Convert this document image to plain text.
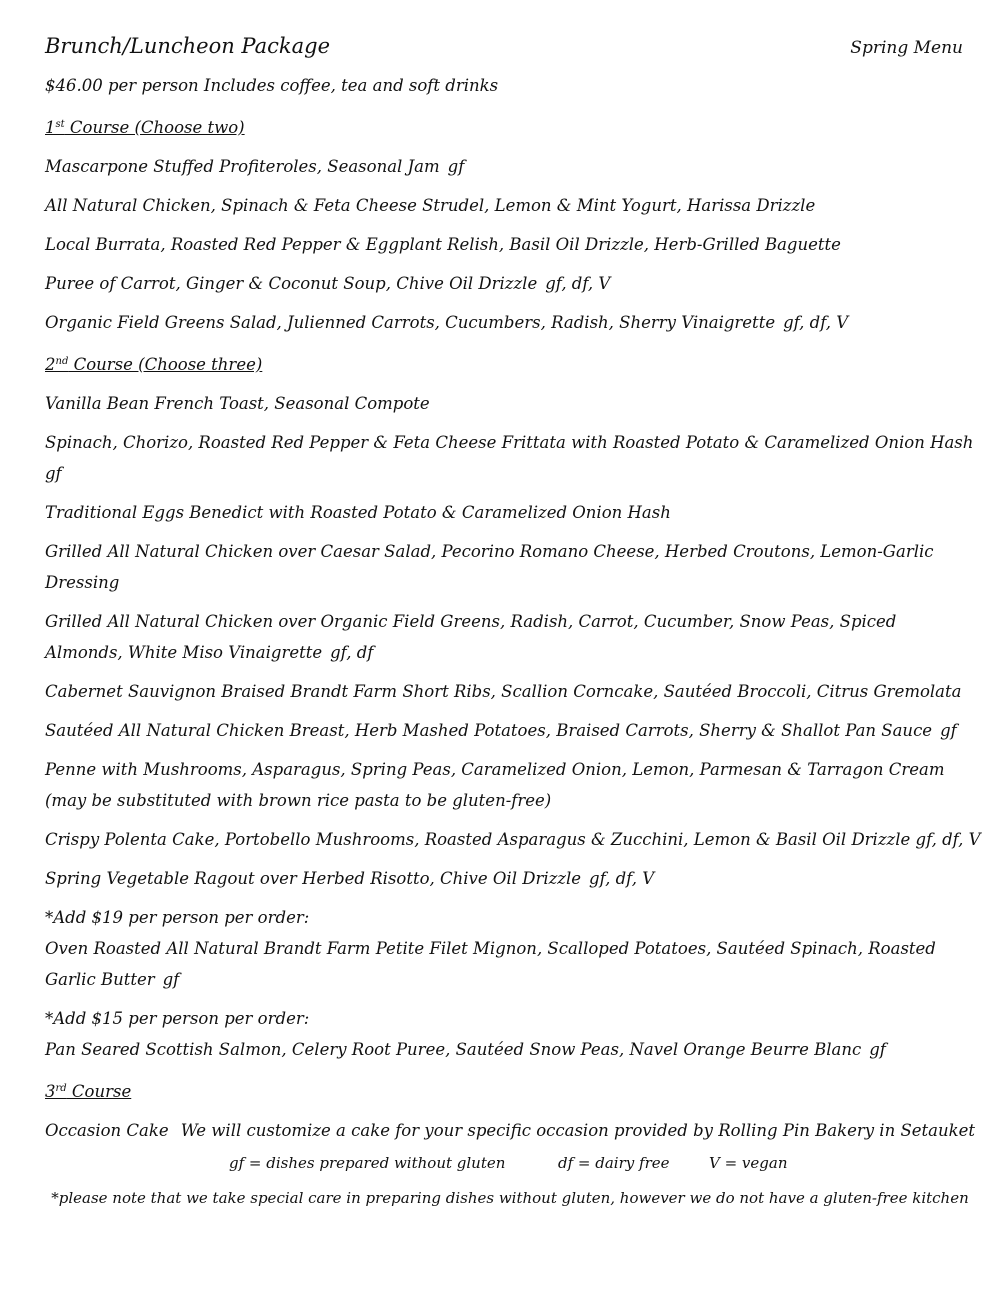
Brunch/Luncheon Package	Spring Menu
$46.00 per person Includes coffee, tea and soft drinks
1st Course (Choose two)
Mascarpone Stuffed Profiteroles, Seasonal Jam gf
All Natural Chicken, Spinach & Feta Cheese Strudel, Lemon & Mint Yogurt, Harissa Drizzle
Local Burrata, Roasted Red Pepper & Eggplant Relish, Basil Oil Drizzle, Herb-Grilled Baguette
Puree of Carrot, Ginger & Coconut Soup, Chive Oil Drizzle gf, df, V
Organic Field Greens Salad, Julienned Carrots, Cucumbers, Radish, Sherry Vinaigrette gf, df, V
2nd Course (Choose three)
Vanilla Bean French Toast, Seasonal Compote
Spinach, Chorizo, Roasted Red Pepper & Feta Cheese Frittata with Roasted Potato & Caramelized Onion Hash gf
Traditional Eggs Benedict with Roasted Potato & Caramelized Onion Hash
Grilled All Natural Chicken over Caesar Salad, Pecorino Romano Cheese, Herbed Croutons, Lemon-Garlic Dressing
Grilled All Natural Chicken over Organic Field Greens, Radish, Carrot, Cucumber, Snow Peas, Spiced Almonds, White Miso Vinaigrette gf, df
Cabernet Sauvignon Braised Brandt Farm Short Ribs, Scallion Corncake, Sautéed Broccoli, Citrus Gremolata
Sautéed All Natural Chicken Breast, Herb Mashed Potatoes, Braised Carrots, Sherry & Shallot Pan Sauce gf
Penne with Mushrooms, Asparagus, Spring Peas, Caramelized Onion, Lemon, Parmesan & Tarragon Cream (may be substituted with brown rice pasta to be gluten-free)
Crispy Polenta Cake, Portobello Mushrooms, Roasted Asparagus & Zucchini, Lemon & Basil Oil Drizzle gf, df, V
Spring Vegetable Ragout over Herbed Risotto, Chive Oil Drizzle gf, df, V
*Add $19 per person per order:
Oven Roasted All Natural Brandt Farm Petite Filet Mignon, Scalloped Potatoes, Sautéed Spinach, Roasted Garlic Butter gf
*Add $15 per person per order:
Pan Seared Scottish Salmon, Celery Root Puree, Sautéed Snow Peas, Navel Orange Beurre Blanc gf
3rd Course
Occasion Cake We will customize a cake for your specific occasion provided by Rolling Pin Bakery in Setauket
gf = dishes prepared without gluten	df = dairy free	V = vegan
*please note that we take special care in preparing dishes without gluten, however we do not have a gluten-free kitchen
